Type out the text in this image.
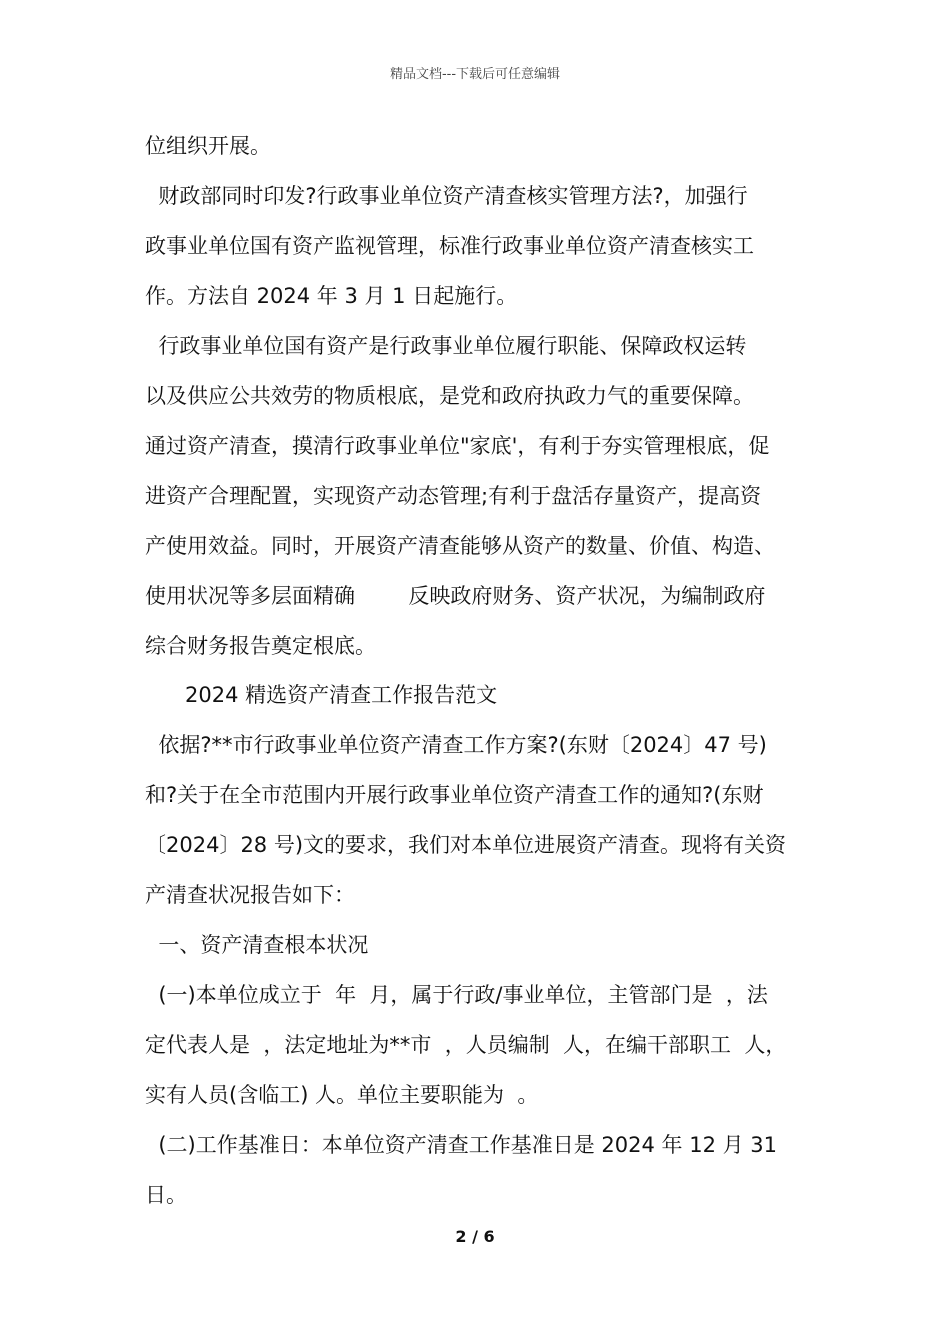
精品文档---下载后可任意编辑
位组织开展。
财政部同时印发?行政事业单位资产清查核实管理方法?，加强行
政事业单位国有资产监视管理，标准行政事业单位资产清查核实工
作。方法自 2024 年 3 月 1 日起施行。
行政事业单位国有资产是行政事业单位履行职能、保障政权运转
以及供应公共效劳的物质根底，是党和政府执政力气的重要保障。
通过资产清查，摸清行政事业单位"家底'，有利于夯实管理根底，促
进资产合理配置，实现资产动态管理;有利于盘活存量资产，提高资
产使用效益。同时，开展资产清查能够从资产的数量、价值、构造、
使用状况等多层面精确        反映政府财务、资产状况，为编制政府
综合财务报告奠定根底。
2024 精选资产清查工作报告范文
依据?**市行政事业单位资产清查工作方案?(东财〔2024〕47 号)
和?关于在全市范围内开展行政事业单位资产清查工作的通知?(东财
〔2024〕28 号)文的要求，我们对本单位进展资产清查。现将有关资
产清查状况报告如下：
一、资产清查根本状况
(一)本单位成立于  年  月，属于行政/事业单位，主管部门是  ，法
定代表人是  ，法定地址为**市  ，人员编制  人，在编干部职工  人，
实有人员(含临工) 人。单位主要职能为  。
(二)工作基准日：本单位资产清查工作基准日是 2024 年 12 月 31
日。
2 / 6
